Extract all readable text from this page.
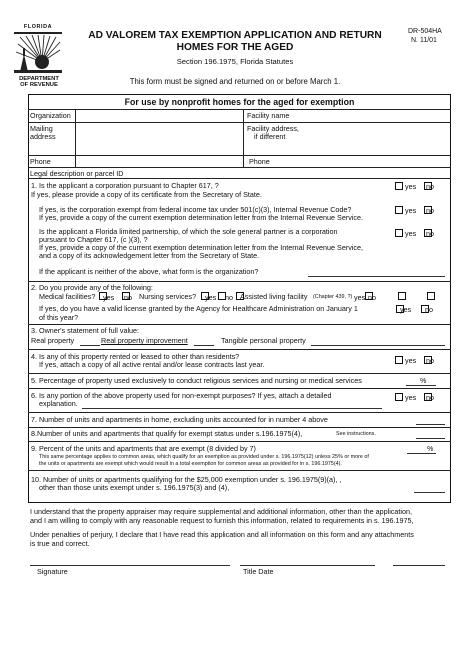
FLORIDA
DEPARTMENT
OF REVENUE
AD VALOREM TAX EXEMPTION APPLICATION AND RETURN
HOMES FOR THE AGED
Section 196.1975, Florida Statutes
DR-504HA
N. 11/01
This form must be signed and returned on or before March 1.
For use by nonprofit homes for the aged for exemption
Organization	Facility name
Mailing
address
Facility address,
if different
Phone	Phone
Legal description or parcel ID
1. Is the applicant a corporation pursuant to Chapter 617, ?
If yes, please provide a copy of its certificate from the Secretary of State.
yes no
If yes, is the corporation exempt from federal income tax under 501(c)(3), Internal Revenue Code?
If yes, provide a copy of the current exemption determination letter from the Internal Revenue Service.
yes no
Is the applicant a Florida limited partnership, of which the sole general partner is a corporation
pursuant to Chapter 617, (c )(3), ?
If yes, provide a copy of the current exemption determination letter from the Internal Revenue Service,
and a copy of its acknowledgement letter from the Secretary of State.
yes no
If the applicant is neither of the above, what form is the organization?
2. Do you provide any of the following:
Medical facilities? yes no Nursing services? yes no Assisted living facility (Chapter 439, ?) yes no
If yes, do you have a valid license granted by the Agency for Healthcare Administration on January 1
of this year?
yes no
3. Owner's statement of full value:
Real property	Real property improvement	Tangible personal property
4. Is any of this property rented or leased to other than residents?
If yes, attach a copy of all active rental and/or lease contracts last year.	yes no
5. Percentage of property used exclusively to conduct religious services and nursing or medical services	%
6. Is any portion of the above property used for non-exempt purposes? If yes, attach a detailed
explanation.
yes no
7. Number of units and apartments in home, excluding units accounted for in number 4 above
8.Number of units and apartments that qualify for exempt status under s.196.1975(4),	See instructions.
9. Percent of the units and apartments that are exempt (8 divided by 7)
This same percentage applies to common areas, which qualify for an exemption as provided under s. 196.1975(12) unless 25% or more of
the units or apartments are exempt which would result in a total exemption for common areas as provided for in s. 196.1975(4).
%
10. Number of units or apartments qualifying for the $25,000 exemption under s. 196.1975(9)(a), ,
other than those units exempt under s. 196.1975(3) and (4),
I understand that the property appraiser may require supplemental and additional information, other than the application,
and I am willing to comply with any reasonable request to furnish this information, related to requirements in s. 196.1975,
Under penalties of perjury, I declare that I have read this application and all information on this form and any attachments
is true and correct.
Signature	Title Date
